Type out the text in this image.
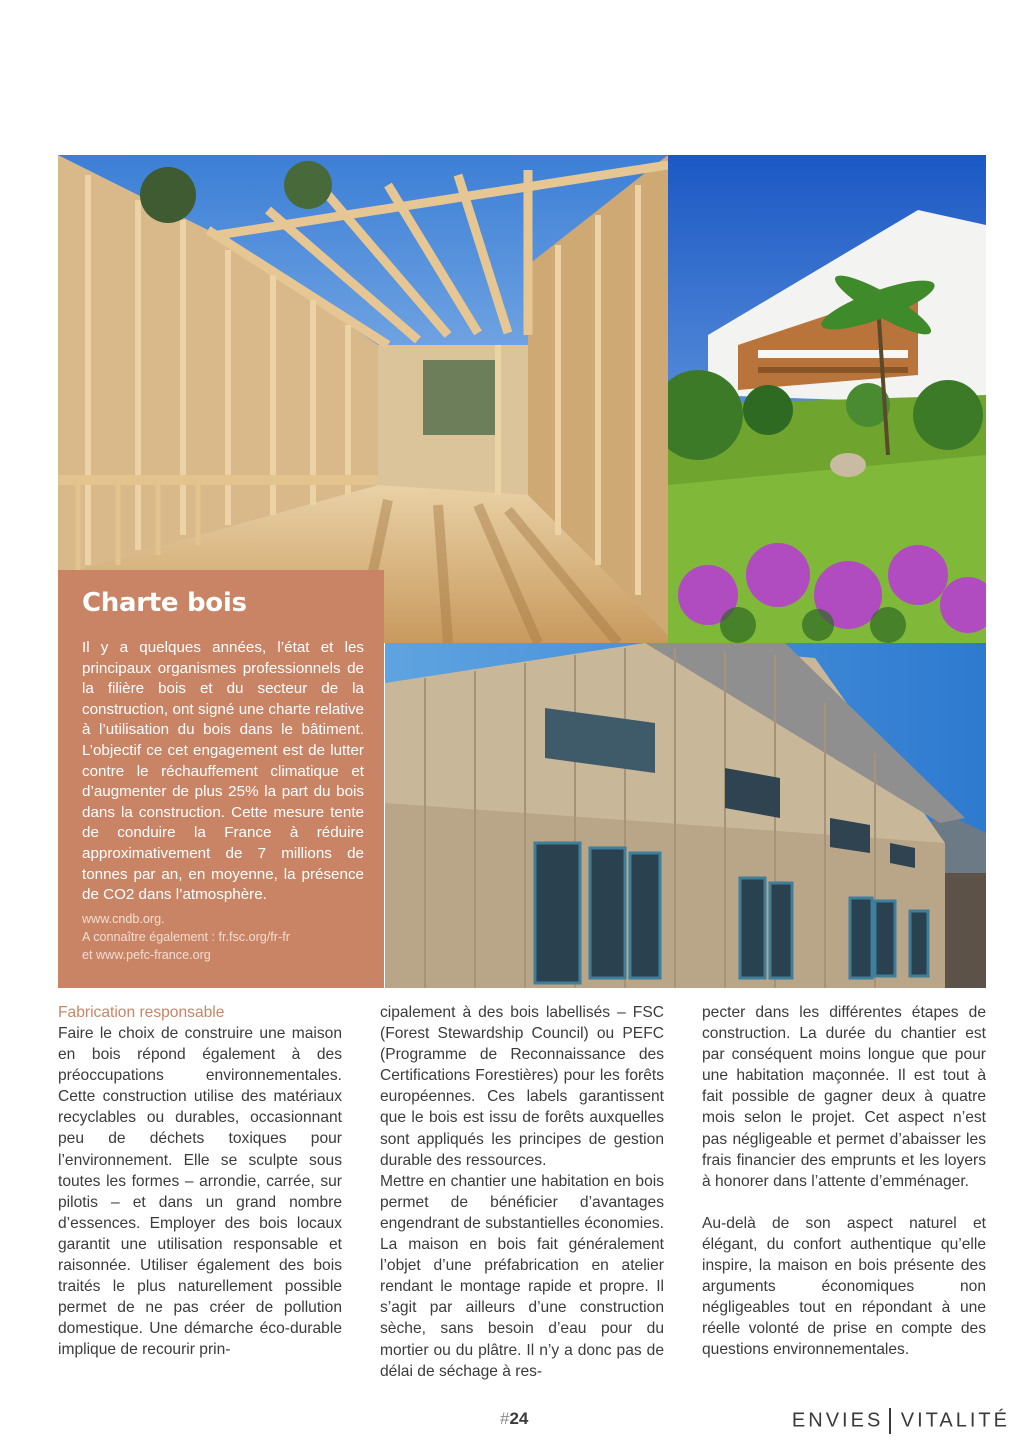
Charte bois

Il y a quelques années, l’état et les principaux organismes professionnels de la filière bois et du secteur de la construction, ont signé une charte relative à l’utilisation du bois dans le bâtiment. L’objectif ce cet engagement est de lutter contre le réchauffement climatique et d’augmenter de plus 25% la part du bois dans la construction. Cette mesure tente de conduire la France à réduire approximativement de 7 millions de tonnes par an, en moyenne, la présence de CO2 dans l’atmosphère.

www.cndb.org.
A connaître également : fr.fsc.org/fr-fr
et www.pefc-france.org
Fabrication responsable

Faire le choix de construire une maison en bois répond également à des préoccupations environnementales. Cette construction utilise des matériaux recyclables ou durables, occasionnant peu de déchets toxiques pour l’environnement. Elle se sculpte sous toutes les formes – arrondie, carrée, sur pilotis – et dans un grand nombre d’essences. Employer des bois locaux garantit une utilisation responsable et raisonnée. Utiliser également des bois traités le plus naturellement possible permet de ne pas créer de pollution domestique. Une démarche éco-durable implique de recourir prin-

cipalement à des bois labellisés – FSC (Forest Stewardship Council) ou PEFC (Programme de Reconnaissance des Certifications Forestières) pour les forêts européennes. Ces labels garantissent que le bois est issu de forêts auxquelles sont appliqués les principes de gestion durable des ressources.

Mettre en chantier une habitation en bois permet de bénéficier d’avantages engendrant de substantielles économies. La maison en bois fait généralement l’objet d’une préfabrication en atelier rendant le montage rapide et propre. Il s’agit par ailleurs d’une construction sèche, sans besoin d’eau pour du mortier ou du plâtre. Il n’y a donc pas de délai de séchage à res-

pecter dans les différentes étapes de construction. La durée du chantier est par conséquent moins longue que pour une habitation maçonnée. Il est tout à fait possible de gagner deux à quatre mois selon le projet. Cet aspect n’est pas négligeable et permet d’abaisser les frais financier des emprunts et les loyers à honorer dans l’attente d’emménager.

Au-delà de son aspect naturel et élégant, du confort authentique qu’elle inspire, la maison en bois présente des arguments économiques non négligeables tout en répondant à une réelle volonté de prise en compte des questions environnementales.

#24	ENVIES VITALITÉ
